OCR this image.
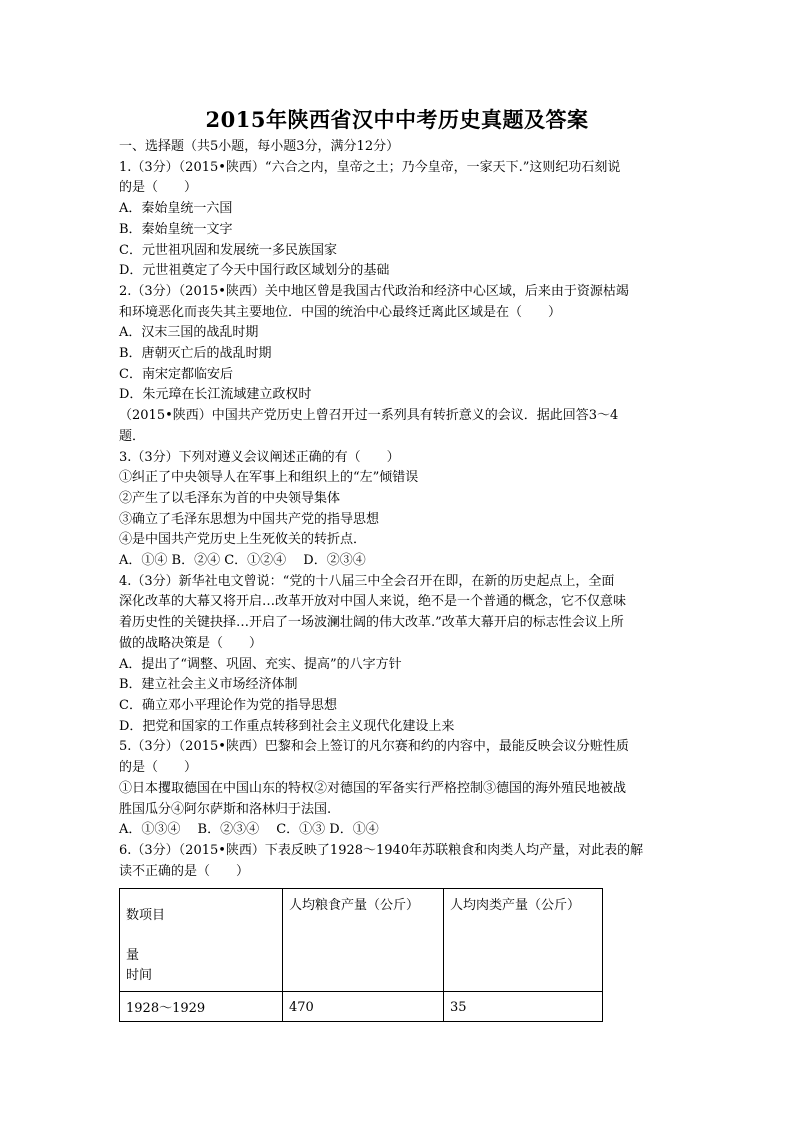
2015年陕西省汉中中考历史真题及答案
一、选择题（共5小题，每小题3分，满分12分）
1.（3分）（2015•陕西）“六合之内，皇帝之土；乃今皇帝，一家天下.”这则纪功石刻说
的是（　　）
A．秦始皇统一六国
B．秦始皇统一文字
C．元世祖巩固和发展统一多民族国家
D．元世祖奠定了今天中国行政区域划分的基础
2.（3分）（2015•陕西）关中地区曾是我国古代政治和经济中心区域，后来由于资源枯竭
和环境恶化而丧失其主要地位．中国的统治中心最终迁离此区域是在（　　）
A．汉末三国的战乱时期
B．唐朝灭亡后的战乱时期
C．南宋定都临安后
D．朱元璋在长江流域建立政权时
（2015•陕西）中国共产党历史上曾召开过一系列具有转折意义的会议．据此回答3～4
题．
3.（3分）下列对遵义会议阐述正确的有（　　）
①纠正了中央领导人在军事上和组织上的“左”倾错误
②产生了以毛泽东为首的中央领导集体
③确立了毛泽东思想为中国共产党的指导思想
④是中国共产党历史上生死攸关的转折点．
A．①④ B．②④ C．①②④　 D．②③④
4.（3分）新华社电文曾说：“党的十八届三中全会召开在即，在新的历史起点上，全面
深化改革的大幕又将开启…改革开放对中国人来说，绝不是一个普通的概念，它不仅意味
着历史性的关键抉择…开启了一场波澜壮阔的伟大改革.”改革大幕开启的标志性会议上所
做的战略决策是（　　）
A．提出了“调整、巩固、充实、提高”的八字方针
B．建立社会主义市场经济体制
C．确立邓小平理论作为党的指导思想
D．把党和国家的工作重点转移到社会主义现代化建设上来
5.（3分）（2015•陕西）巴黎和会上签订的凡尔赛和约的内容中，最能反映会议分赃性质
的是（　　）
①日本攫取德国在中国山东的特权②对德国的军备实行严格控制③德国的海外殖民地被战
胜国瓜分④阿尔萨斯和洛林归于法国.
A．①③④　 B．②③④　 C．①③ D．①④
6.（3分）（2015•陕西）下表反映了1928～1940年苏联粮食和肉类人均产量，对此表的解
读不正确的是（　　）
数项目
量
时间	人均粮食产量（公斤）	人均肉类产量（公斤）
1928～1929	470	35
